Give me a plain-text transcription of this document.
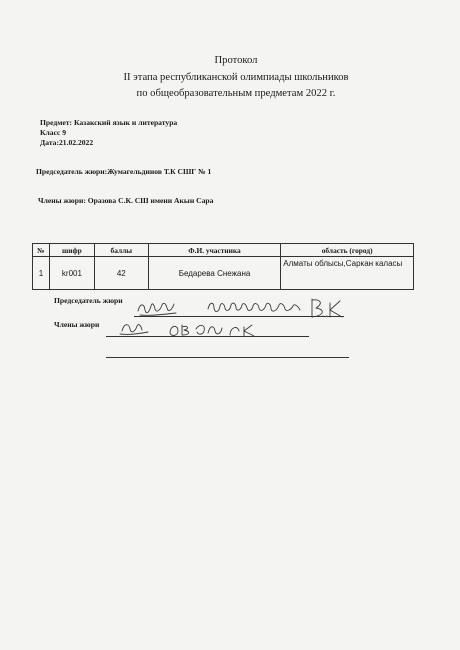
Протокол
II этапа республиканской олимпиады школьников
по общеобразовательным предметам 2022 г.
Предмет: Казакский язык и литература
Класс 9
Дата:21.02.2022
Председатель жюри:Жумагельдинов Т.К СШГ № 1
Члены жюри: Оразова С.К. СШ имени Акын Сара
№	шифр	баллы	Ф.И. участника	область (город)
1	kr001	42	Бедарева Снежана	Алматы облысы,Саркан каласы
Председатель жюри
Члены жюри
